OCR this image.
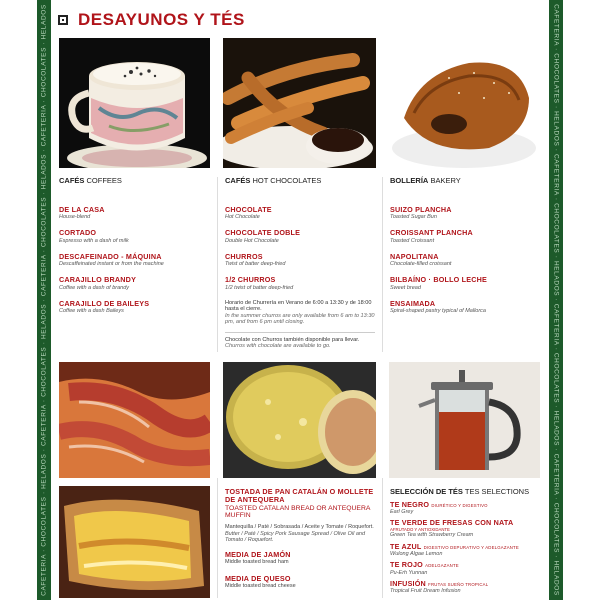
CAFETERIA · CHOCOLATES · HELADOS · CAFETERIA · CHOCOLATES · HELADOS · CAFETERIA · CHOCOLATES · HELADOS · CAFETERIA · CHOCOLATES · HELADOS	CAFETERIA · CHOCOLATES · HELADOS · CAFETERIA · CHOCOLATES · HELADOS · CAFETERIA · CHOCOLATES · HELADOS · CAFETERIA · CHOCOLATES · HELADOS
DESAYUNOS Y TÉS
CAFÉS COFFEES
DE LA CASA
House-blend
CORTADO
Espresso with a dash of milk
DESCAFEINADO - MÁQUINA
Descaffeinated instant or from the machine
CARAJILLO BRANDY
Coffee with a dash of brandy
CARAJILLO DE BAILEYS
Coffee with a dash Baileys
CAFÉS HOT CHOCOLATES
CHOCOLATE
Hot Chocolate
CHOCOLATE DOBLE
Double Hot Chocolate
CHURROS
Twist of batter deep-fried
1/2 CHURROS
1/2 twist of batter deep-fried
Horario de Churrería en Verano de 6:00 a 13:30 y de 18:00 hasta el cierre.
In the summer churros are only available from 6 am to 13:30 pm, and from 6 pm until closing.
Chocolate con Churros también disponible para llevar.
Churros with chocolate are available to go.
BOLLERÍA BAKERY
SUIZO PLANCHA
Toasted Sugar Bun
CROISSANT PLANCHA
Toasted Croissant
NAPOLITANA
Chocolate-filled croissant
BILBAÍNO · BOLLO LECHE
Sweet bread
ENSAIMADA
Spiral-shaped pastry typical of Mallorca
TOSTADA DE PAN CATALÁN O MOLLETE DE ANTEQUERA
TOASTED CATALAN BREAD OR ANTEQUERA MUFFIN
Mantequilla / Paté / Sobrasada / Aceite y Tomate / Roquefort.
Butter / Paté / Spicy Pork Sausage Spread / Olive Oil and Tomato / Roquefort.
MEDIA DE JAMÓN
Middle toasted bread ham
MEDIA DE QUESO
Middle toasted bread cheese
SELECCIÓN DE TÉS TES SELECTIONS
TE NEGRO DIURÉTICO Y DIGESTIVO
Earl Grey
TE VERDE DE FRESAS CON NATA
AFRUTADO Y ANTIOXIDANTE
Green Tea with Strawberry Cream
TE AZUL DIGESTIVO DEPURATIVO Y ADELGAZANTE
Wulong Algae Lemon
TE ROJO ADELGAZANTE
Pu-Erh Yunnan
INFUSIÓN FRUTAS SUEÑO TROPICAL
Tropical Fruit Dream Infusion
